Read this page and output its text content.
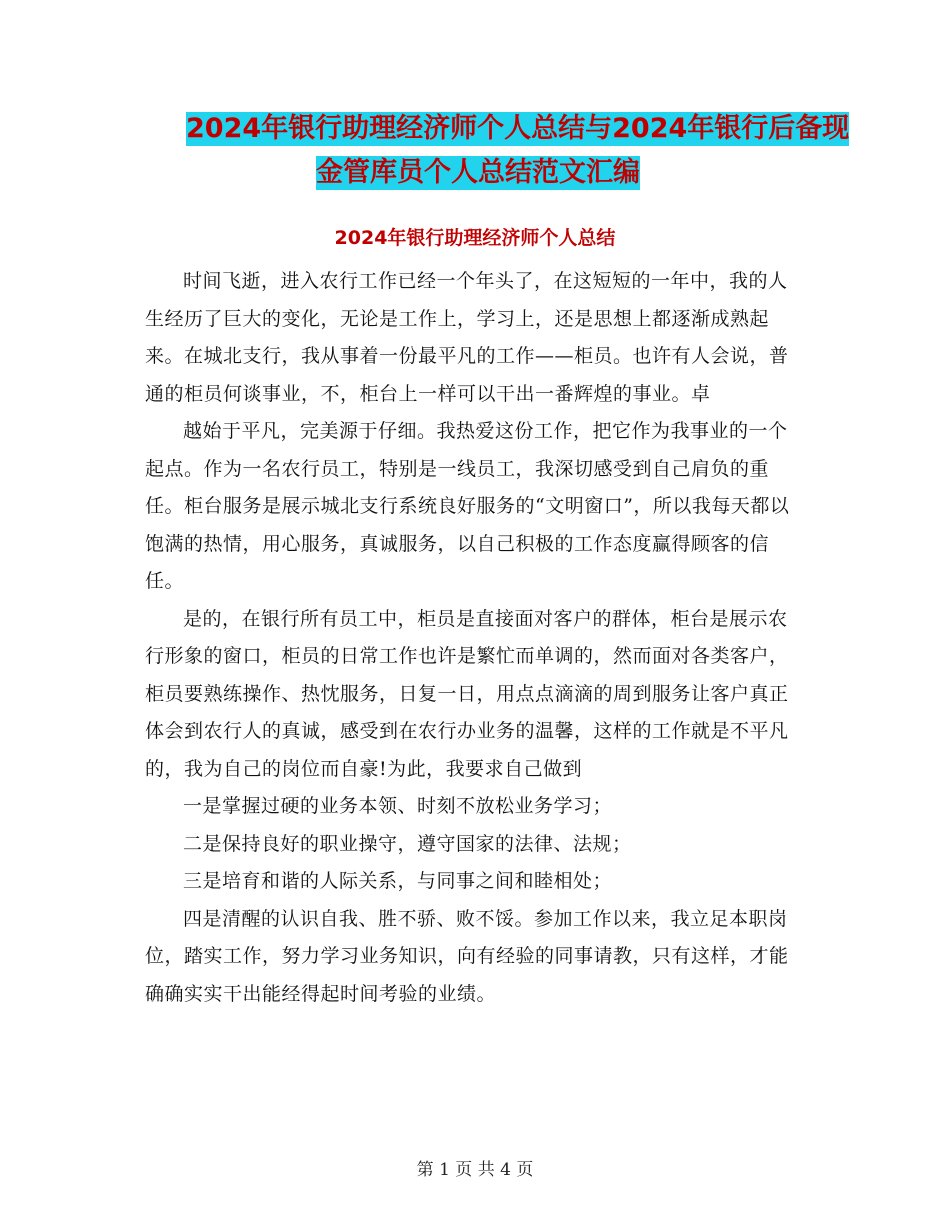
2024年银行助理经济师个人总结与2024年银行后备现
金管库员个人总结范文汇编
2024年银行助理经济师个人总结

时间飞逝，进入农行工作已经一个年头了，在这短短的一年中，我的人生经历了巨大的变化，无论是工作上，学习上，还是思想上都逐渐成熟起来。在城北支行，我从事着一份最平凡的工作——柜员。也许有人会说，普通的柜员何谈事业，不，柜台上一样可以干出一番辉煌的事业。卓

越始于平凡，完美源于仔细。我热爱这份工作，把它作为我事业的一个起点。作为一名农行员工，特别是一线员工，我深切感受到自己肩负的重任。柜台服务是展示城北支行系统良好服务的“文明窗口”，所以我每天都以饱满的热情，用心服务，真诚服务，以自己积极的工作态度赢得顾客的信任。

是的，在银行所有员工中，柜员是直接面对客户的群体，柜台是展示农行形象的窗口，柜员的日常工作也许是繁忙而单调的，然而面对各类客户，柜员要熟练操作、热忱服务，日复一日，用点点滴滴的周到服务让客户真正体会到农行人的真诚，感受到在农行办业务的温馨，这样的工作就是不平凡的，我为自己的岗位而自豪!为此，我要求自己做到

一是掌握过硬的业务本领、时刻不放松业务学习；

二是保持良好的职业操守，遵守国家的法律、法规；

三是培育和谐的人际关系，与同事之间和睦相处；

四是清醒的认识自我、胜不骄、败不馁。参加工作以来，我立足本职岗位，踏实工作，努力学习业务知识，向有经验的同事请教，只有这样，才能确确实实干出能经得起时间考验的业绩。

第 1 页 共 4 页
